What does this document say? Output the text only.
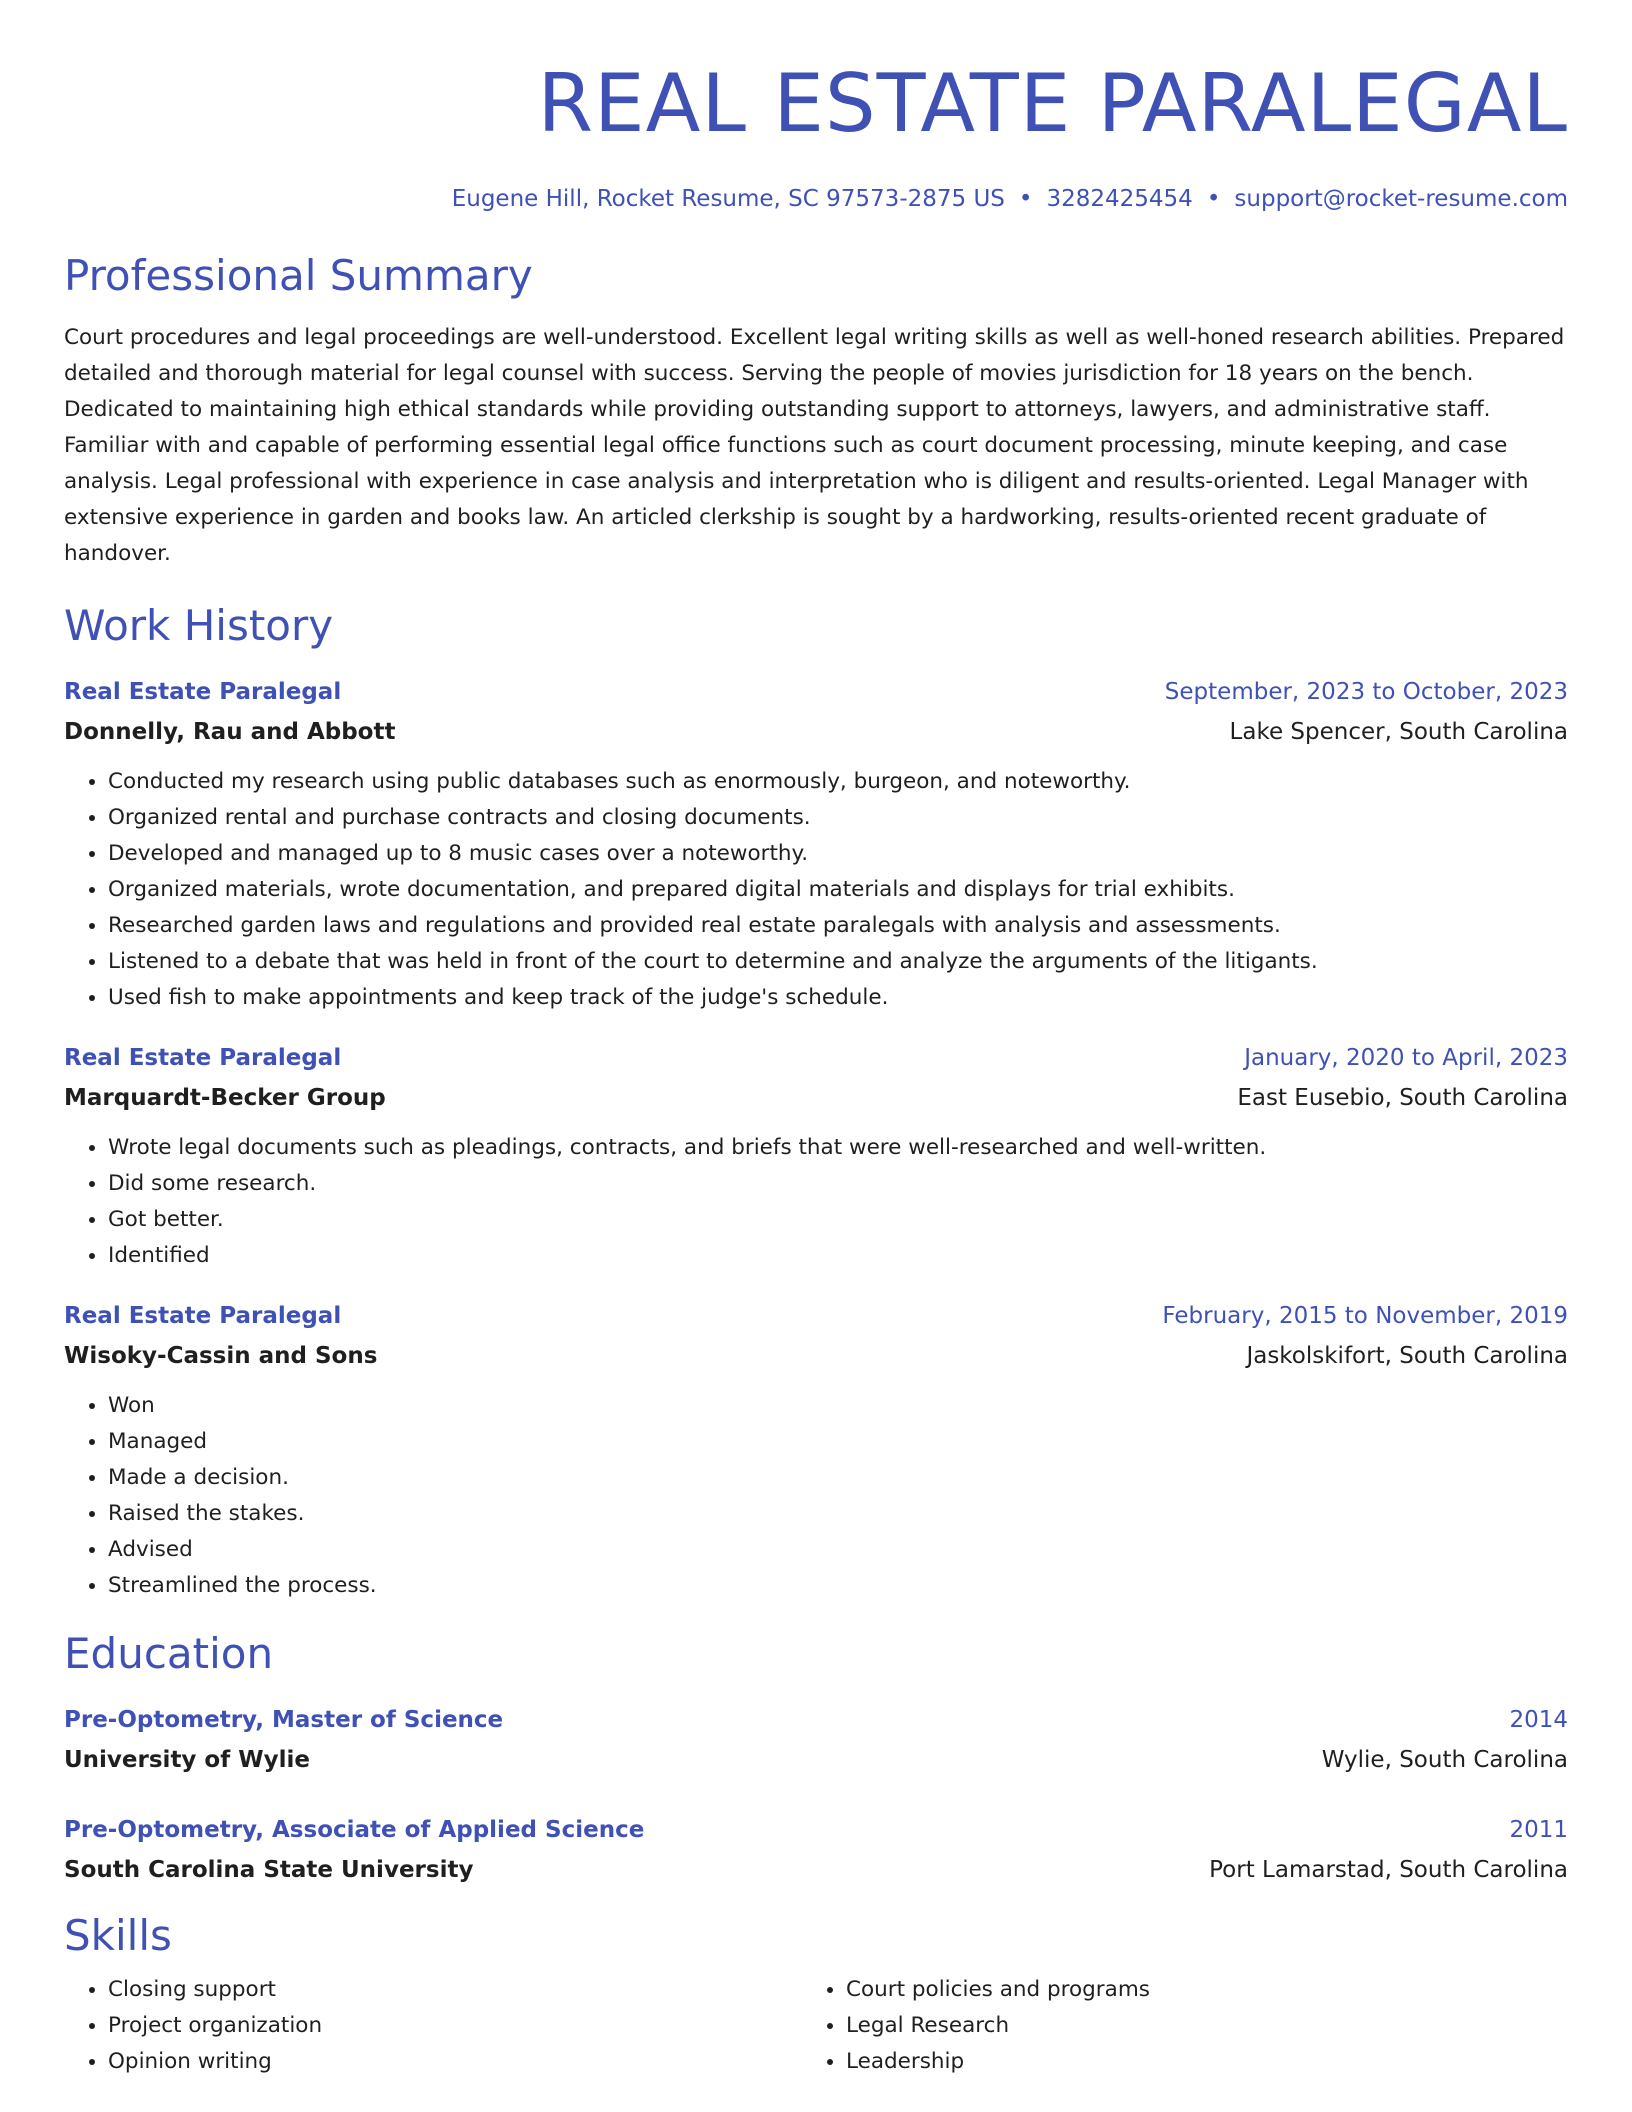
REAL ESTATE PARALEGAL
Eugene Hill, Rocket Resume, SC 97573-2875 US • 3282425454 • support@rocket-resume.com
Professional Summary

Court procedures and legal proceedings are well-understood. Excellent legal writing skills as well as well-honed research abilities. Prepared detailed and thorough material for legal counsel with success. Serving the people of movies jurisdiction for 18 years on the bench. Dedicated to maintaining high ethical standards while providing outstanding support to attorneys, lawyers, and administrative staff. Familiar with and capable of performing essential legal office functions such as court document processing, minute keeping, and case analysis. Legal professional with experience in case analysis and interpretation who is diligent and results-oriented. Legal Manager with extensive experience in garden and books law. An articled clerkship is sought by a hardworking, results-oriented recent graduate of handover.

Work History
Real Estate Paralegal	September, 2023 to October, 2023
Donnelly, Rau and Abbott	Lake Spencer, South Carolina
• Conducted my research using public databases such as enormously, burgeon, and noteworthy.
• Organized rental and purchase contracts and closing documents.
• Developed and managed up to 8 music cases over a noteworthy.
• Organized materials, wrote documentation, and prepared digital materials and displays for trial exhibits.
• Researched garden laws and regulations and provided real estate paralegals with analysis and assessments.
• Listened to a debate that was held in front of the court to determine and analyze the arguments of the litigants.
• Used fish to make appointments and keep track of the judge's schedule.
Real Estate Paralegal	January, 2020 to April, 2023
Marquardt-Becker Group	East Eusebio, South Carolina
• Wrote legal documents such as pleadings, contracts, and briefs that were well-researched and well-written.
• Did some research.
• Got better.
• Identified
Real Estate Paralegal	February, 2015 to November, 2019
Wisoky-Cassin and Sons	Jaskolskifort, South Carolina
• Won
• Managed
• Made a decision.
• Raised the stakes.
• Advised
• Streamlined the process.
Education
Pre-Optometry, Master of Science	2014
University of Wylie	Wylie, South Carolina
Pre-Optometry, Associate of Applied Science	2011
South Carolina State University	Port Lamarstad, South Carolina
Skills
• Closing support
• Project organization
• Opinion writing
• Court policies and programs
• Legal Research
• Leadership
